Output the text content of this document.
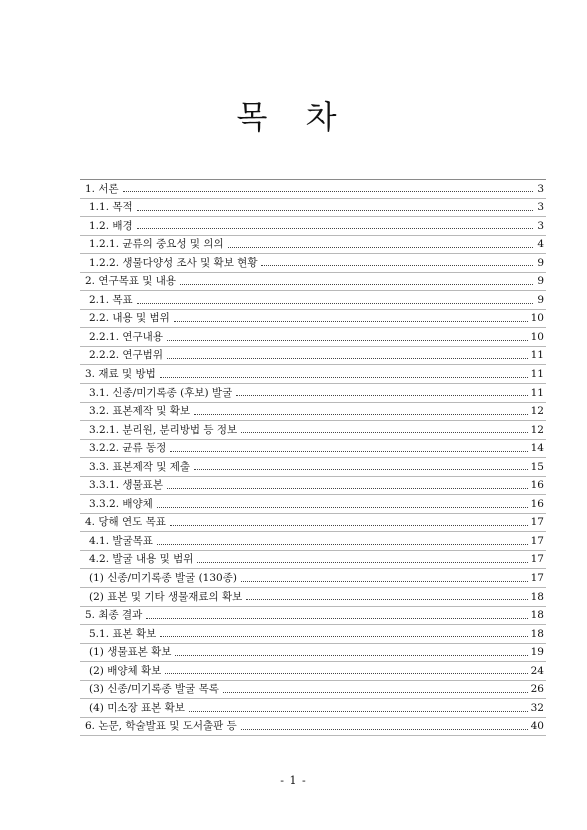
목 차
1. 서론	3
1.1. 목적	3
1.2. 배경	3
1.2.1. 균류의 중요성 및 의의	4
1.2.2. 생물다양성 조사 및 확보 현황	9
2. 연구목표 및 내용	9
2.1. 목표	9
2.2. 내용 및 범위	10
2.2.1. 연구내용	10
2.2.2. 연구범위	11
3. 재료 및 방법	11
3.1. 신종/미기록종 (후보) 발굴	11
3.2. 표본제작 및 확보	12
3.2.1. 분리원, 분리방법 등 정보	12
3.2.2. 균류 동정	14
3.3. 표본제작 및 제출	15
3.3.1. 생물표본	16
3.3.2. 배양체	16
4. 당해 연도 목표	17
4.1. 발굴목표	17
4.2. 발굴 내용 및 범위	17
(1) 신종/미기록종 발굴 (130종)	17
(2) 표본 및 기타 생물재료의 확보	18
5. 최종 결과	18
5.1. 표본 확보	18
(1) 생물표본 확보	19
(2) 배양체 확보	24
(3) 신종/미기록종 발굴 목록	26
(4) 미소장 표본 확보	32
6. 논문, 학술발표 및 도서출판 등	40
- 1 -
